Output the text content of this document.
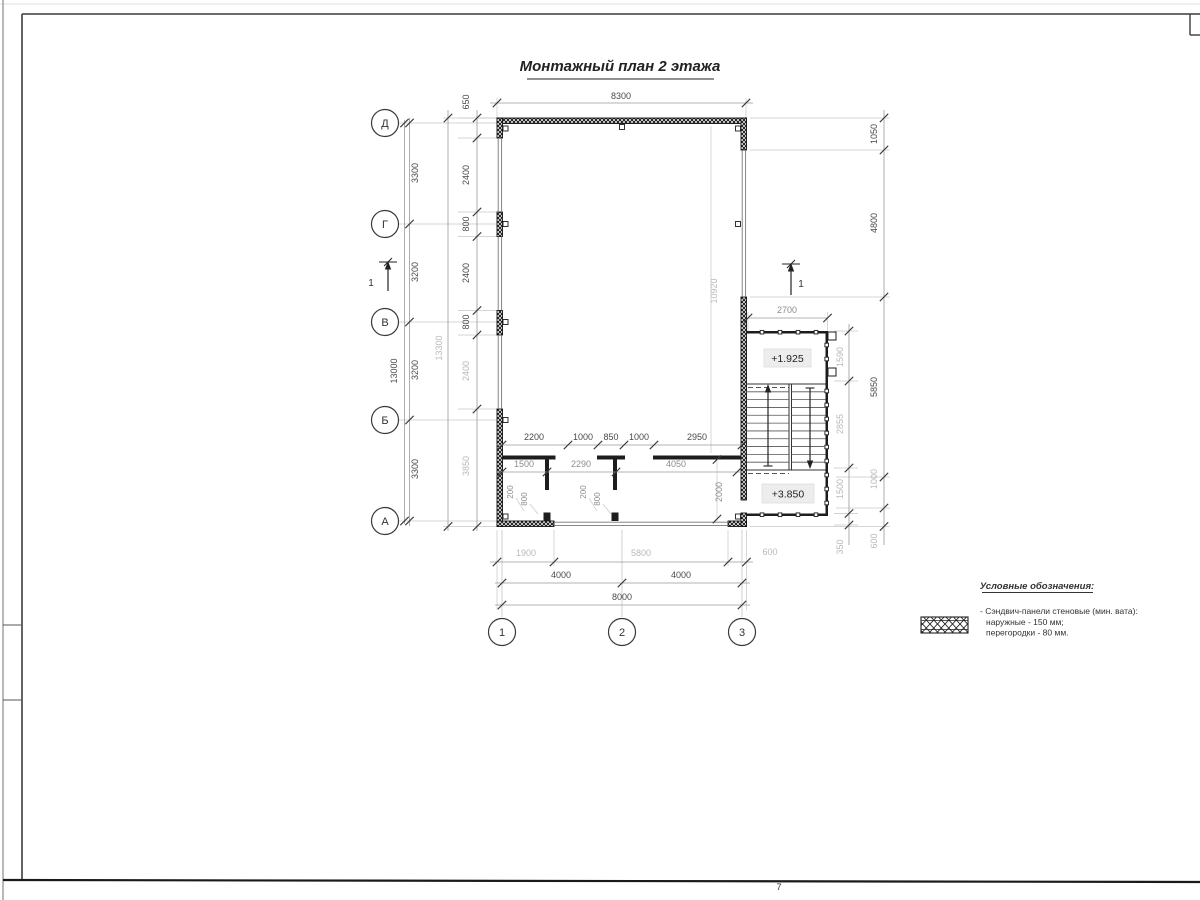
+1.925
+3.850
8300
3300
3200
3200
3300
13000
650
2400
800
2400
800
2400
3850
13300
1050
4800
5850
1000
600
1590
2855
1500
350
2700
2200	1000 850 1000	2950
1500	2290	4050
2000
10920
200
800
200
800
1900	5800	600
4000	4000
8000
1	1
Д
Г
В
Б
А
1	2	3
Монтажный план 2 этажа
Условные обозначения:
- Сэндвич-панели стеновые (мин. вата):
наружные - 150 мм;
перегородки - 80 мм.
7
